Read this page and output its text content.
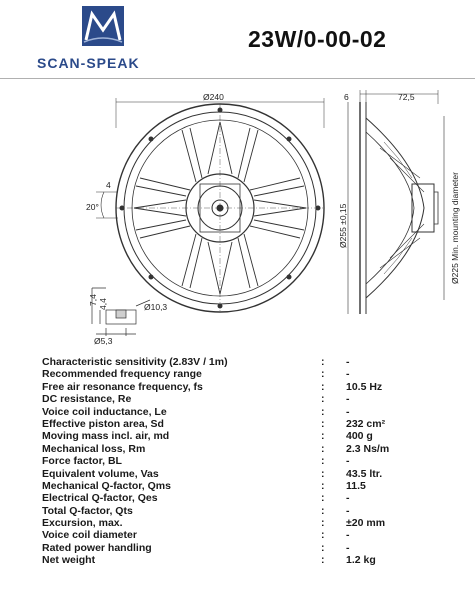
SCAN-SPEAK
23W/0-00-02
Ø240
4
20°
6	72,5
Ø255 ±0,15	Ø225 Min. mounting diameter
7,4 4,4	Ø10,3
Ø5,3
Characteristic sensitivity (2.83V / 1m)	: -
Recommended frequency range	: -
Free air resonance frequency, fs	: 10.5 Hz
DC resistance, Re	: -
Voice coil inductance, Le	: -
Effective piston area, Sd	: 232 cm²
Moving mass incl. air, md	: 400 g
Mechanical loss, Rm	: 2.3 Ns/m
Force factor, BL	: -
Equivalent volume, Vas	: 43.5 ltr.
Mechanical Q-factor, Qms	: 11.5
Electrical Q-factor, Qes	: -
Total Q-factor, Qts	: -
Excursion, max.	: ±20 mm
Voice coil diameter	: -
Rated power handling	: -
Net weight	: 1.2 kg
